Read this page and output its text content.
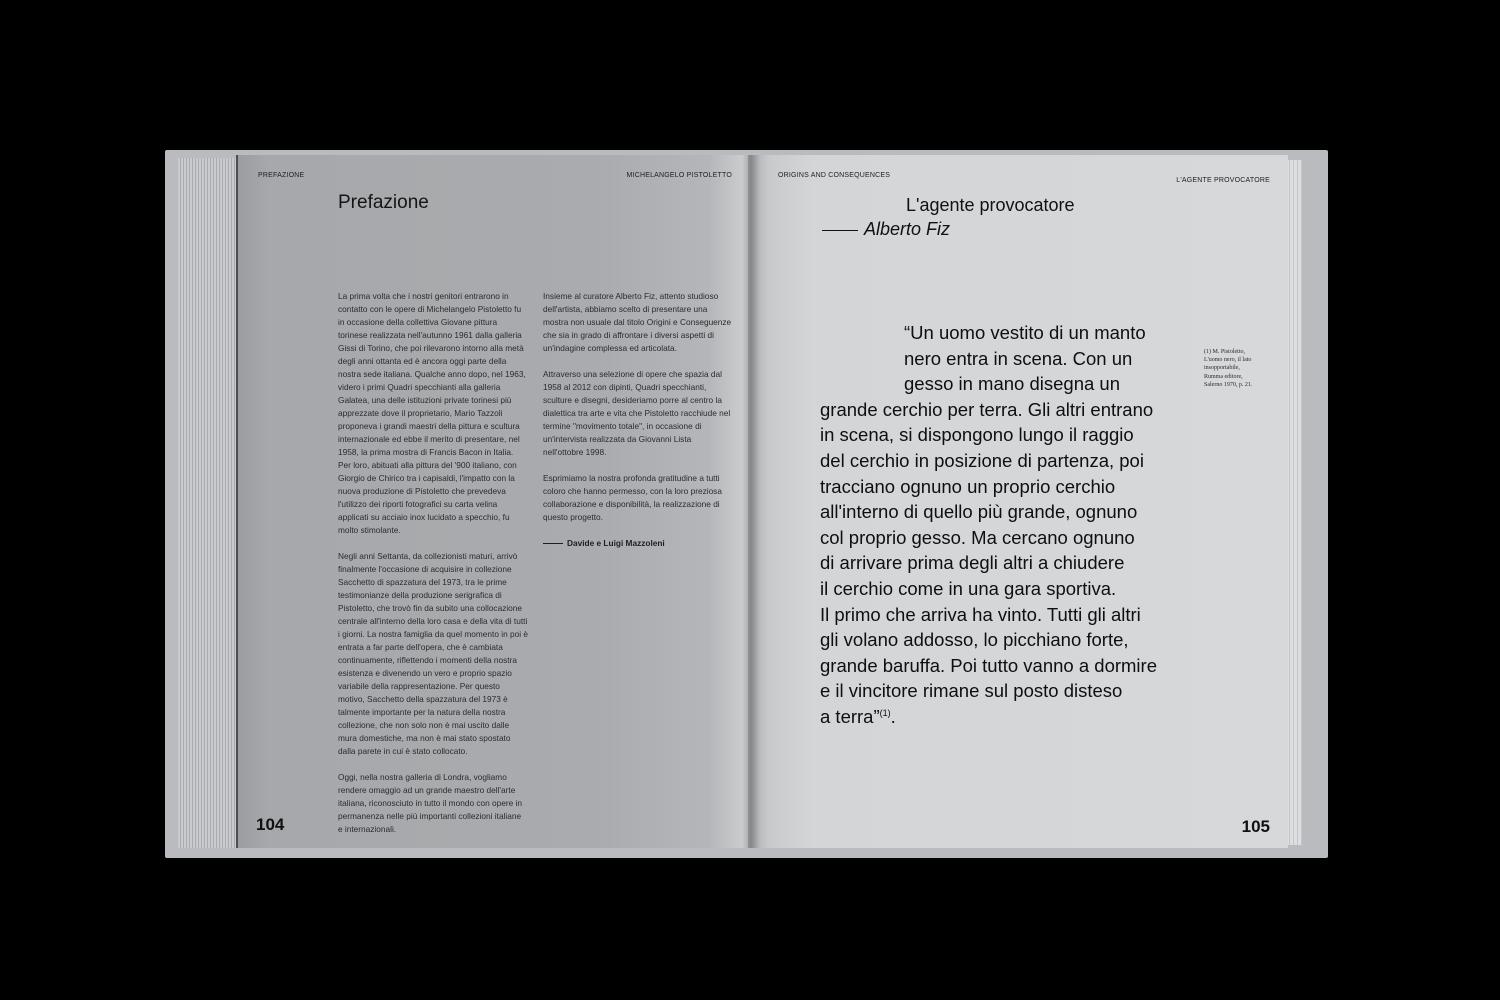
PREFAZIONE	MICHELANGELO PISTOLETTO
Prefazione

La prima volta che i nostri genitori entrarono in contatto con le opere di Michelangelo Pistoletto fu in occasione della collettiva Giovane pittura torinese realizzata nell'autunno 1961 dalla galleria Gissi di Torino, che poi rilevarono intorno alla metà degli anni ottanta ed è ancora oggi parte della nostra sede italiana. Qualche anno dopo, nel 1963, videro i primi Quadri specchianti alla galleria Galatea, una delle istituzioni private torinesi più apprezzate dove il proprietario, Mario Tazzoli proponeva i grandi maestri della pittura e scultura internazionale ed ebbe il merito di presentare, nel 1958, la prima mostra di Francis Bacon in Italia. Per loro, abituati alla pittura del '900 italiano, con Giorgio de Chirico tra i capisaldi, l'impatto con la nuova produzione di Pistoletto che prevedeva l'utilizzo dei riporti fotografici su carta velina applicati su acciaio inox lucidato a specchio, fu molto stimolante.

Negli anni Settanta, da collezionisti maturi, arrivò finalmente l'occasione di acquisire in collezione Sacchetto di spazzatura del 1973, tra le prime testimonianze della produzione serigrafica di Pistoletto, che trovò fin da subito una collocazione centrale all'interno della loro casa e della vita di tutti i giorni. La nostra famiglia da quel momento in poi è entrata a far parte dell'opera, che è cambiata continuamente, riflettendo i momenti della nostra esistenza e divenendo un vero e proprio spazio variabile della rappresentazione. Per questo motivo, Sacchetto della spazzatura del 1973 è talmente importante per la natura della nostra collezione, che non solo non è mai uscito dalle mura domestiche, ma non è mai stato spostato dalla parete in cui è stato collocato.

Oggi, nella nostra galleria di Londra, vogliamo rendere omaggio ad un grande maestro dell'arte italiana, riconosciuto in tutto il mondo con opere in permanenza nelle più importanti collezioni italiane e internazionali.

Insieme al curatore Alberto Fiz, attento studioso dell'artista, abbiamo scelto di presentare una mostra non usuale dal titolo Origini e Conseguenze che sia in grado di affrontare i diversi aspetti di un'indagine complessa ed articolata.

Attraverso una selezione di opere che spazia dal 1958 al 2012 con dipinti, Quadri specchianti, sculture e disegni, desideriamo porre al centro la dialettica tra arte e vita che Pistoletto racchiude nel termine "movimento totale", in occasione di un'intervista realizzata da Giovanni Lista nell'ottobre 1998.

Esprimiamo la nostra profonda gratitudine a tutti coloro che hanno permesso, con la loro preziosa collaborazione e disponibilità, la realizzazione di questo progetto.

Davide e Luigi Mazzoleni

104
ORIGINS AND CONSEQUENCES
L'AGENTE PROVOCATORE
L'agente provocatore
Alberto Fiz
“Un uomo vestito di un manto
nero entra in scena. Con un
gesso in mano disegna un
grande cerchio per terra. Gli altri entrano
in scena, si dispongono lungo il raggio
del cerchio in posizione di partenza, poi
tracciano ognuno un proprio cerchio
all'interno di quello più grande, ognuno
col proprio gesso. Ma cercano ognuno
di arrivare prima degli altri a chiudere
il cerchio come in una gara sportiva.
Il primo che arriva ha vinto. Tutti gli altri
gli volano addosso, lo picchiano forte,
grande baruffa. Poi tutto vanno a dormire
e il vincitore rimane sul posto disteso
a terra”$^{(1)}$.
(1) M. Pistoletto, L'uomo nero, il lato insopportabile, Rumma editore, Salerno 1970, p. 21.
105
